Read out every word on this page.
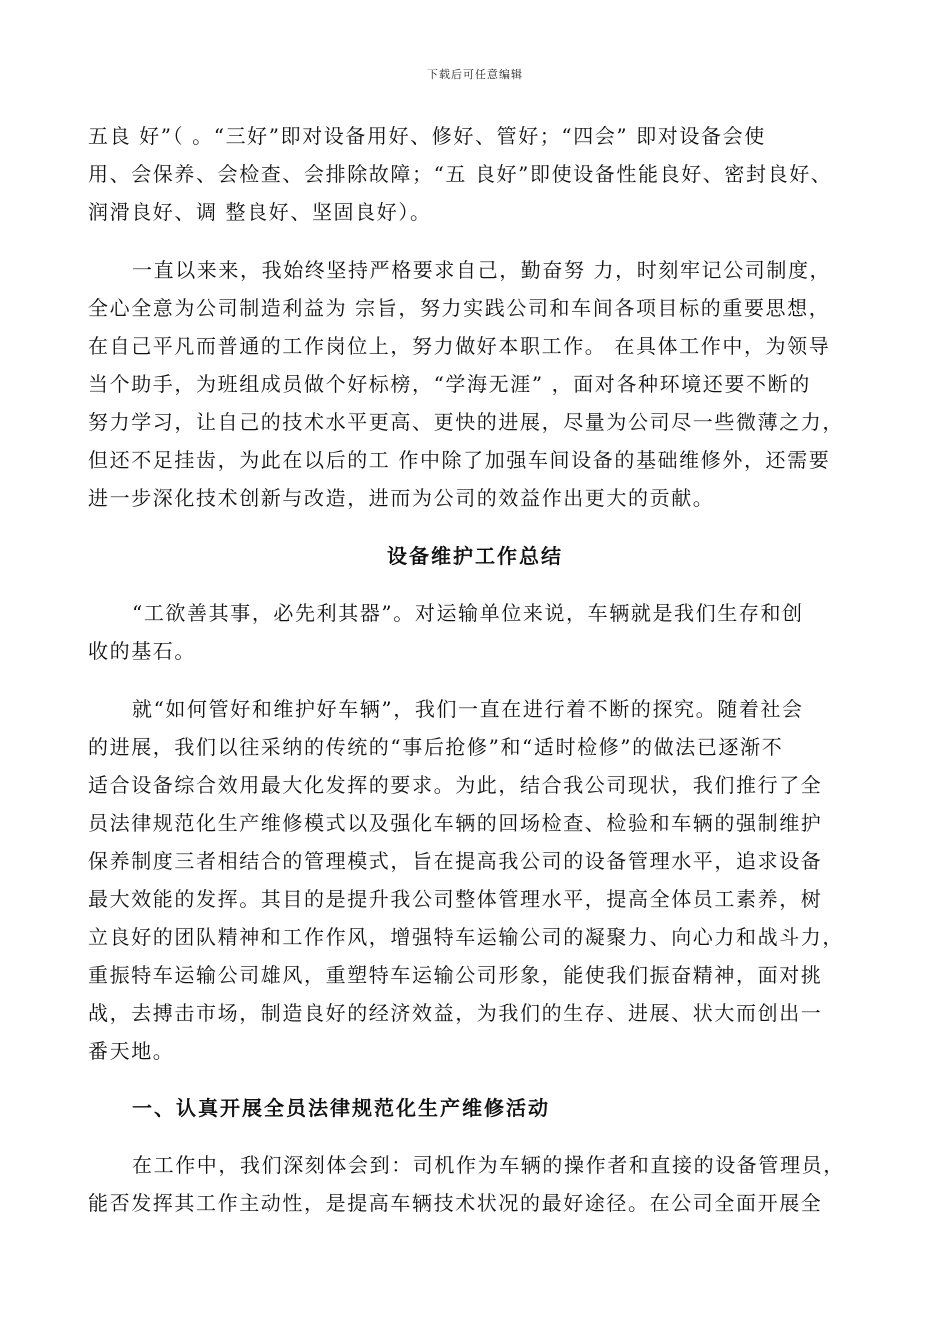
下载后可任意编辑
五良 好”（ 。“三好”即对设备用好、修好、管好；“四会” 即对设备会使
用、会保养、会检查、会排除故障；“五 良好”即使设备性能良好、密封良好、
润滑良好、调 整良好、坚固良好）。
一直以来来，我始终坚持严格要求自己，勤奋努 力，时刻牢记公司制度，
全心全意为公司制造利益为 宗旨，努力实践公司和车间各项目标的重要思想，
在自己平凡而普通的工作岗位上，努力做好本职工作。 在具体工作中，为领导
当个助手，为班组成员做个好标榜，“学海无涯” ，面对各种环境还要不断的
努力学习，让自己的技术水平更高、更快的进展，尽量为公司尽一些微薄之力，
但还不足挂齿，为此在以后的工 作中除了加强车间设备的基础维修外，还需要
进一步深化技术创新与改造，进而为公司的效益作出更大的贡献。
设备维护工作总结
“工欲善其事，必先利其器”。对运输单位来说，车辆就是我们生存和创
收的基石。
就“如何管好和维护好车辆”，我们一直在进行着不断的探究。随着社会
的进展，我们以往采纳的传统的“事后抢修”和“适时检修”的做法已逐渐不
适合设备综合效用最大化发挥的要求。为此，结合我公司现状，我们推行了全
员法律规范化生产维修模式以及强化车辆的回场检查、检验和车辆的强制维护
保养制度三者相结合的管理模式，旨在提高我公司的设备管理水平，追求设备
最大效能的发挥。其目的是提升我公司整体管理水平，提高全体员工素养，树
立良好的团队精神和工作作风，增强特车运输公司的凝聚力、向心力和战斗力，
重振特车运输公司雄风，重塑特车运输公司形象，能使我们振奋精神，面对挑
战，去搏击市场，制造良好的经济效益，为我们的生存、进展、状大而创出一
番天地。
一、认真开展全员法律规范化生产维修活动
在工作中，我们深刻体会到：司机作为车辆的操作者和直接的设备管理员，
能否发挥其工作主动性，是提高车辆技术状况的最好途径。在公司全面开展全
